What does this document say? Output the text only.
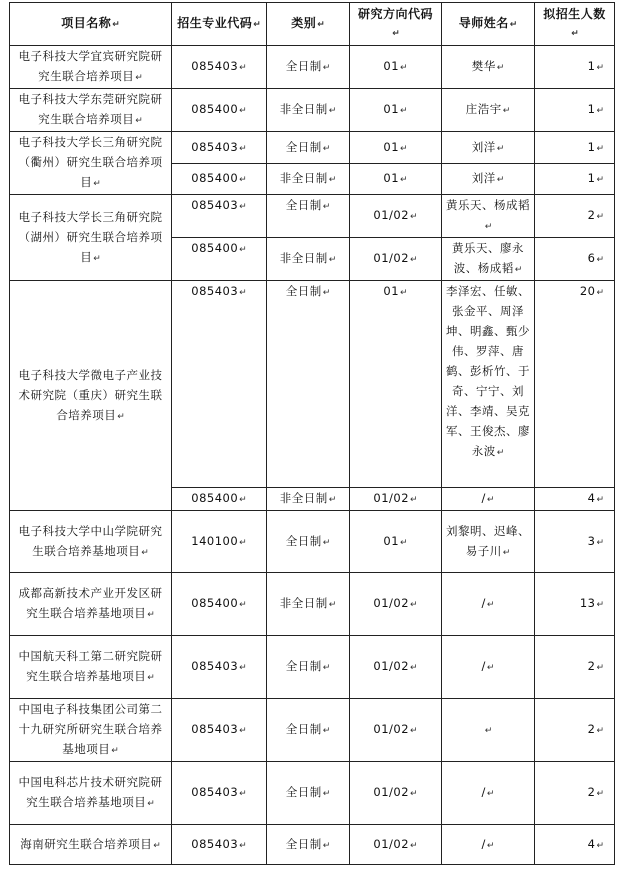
项目名称↵	招生专业代码↵	类别↵	研究方向代码↵	导师姓名↵	拟招生人数↵
电子科技大学宜宾研究院研究生联合培养项目↵	085403↵	全日制↵	01↵	樊华↵	1↵
电子科技大学东莞研究院研究生联合培养项目↵	085400↵	非全日制↵	01↵	庄浩宇↵	1↵
电子科技大学长三角研究院（衢州）研究生联合培养项目↵	085403↵	全日制↵	01↵	刘洋↵	1↵
	085400↵	非全日制↵	01↵	刘洋↵	1↵
电子科技大学长三角研究院（湖州）研究生联合培养项目↵	085403↵	全日制↵	01/02↵	黄乐天、杨成韬↵	2↵
	085400↵	非全日制↵	01/02↵	黄乐天、廖永波、杨成韬↵	6↵
电子科技大学微电子产业技术研究院（重庆）研究生联合培养项目↵	085403↵	全日制↵	01↵	李泽宏、任敏、张金平、周泽坤、明鑫、甄少伟、罗萍、唐鹤、彭析竹、于奇、宁宁、刘洋、李靖、吴克军、王俊杰、廖永波↵	20↵
	085400↵	非全日制↵	01/02↵	/↵	4↵
电子科技大学中山学院研究生联合培养基地项目↵	140100↵	全日制↵	01↵	刘黎明、迟峰、易子川↵	3↵
成都高新技术产业开发区研究生联合培养基地项目↵	085400↵	非全日制↵	01/02↵	/↵	13↵
中国航天科工第二研究院研究生联合培养基地项目↵	085403↵	全日制↵	01/02↵	/↵	2↵
中国电子科技集团公司第二十九研究所研究生联合培养基地项目↵	085403↵	全日制↵	01/02↵	↵	2↵
中国电科芯片技术研究院研究生联合培养基地项目↵	085403↵	全日制↵	01/02↵	/↵	2↵
海南研究生联合培养项目↵	085403↵	全日制↵	01/02↵	/↵	4↵
